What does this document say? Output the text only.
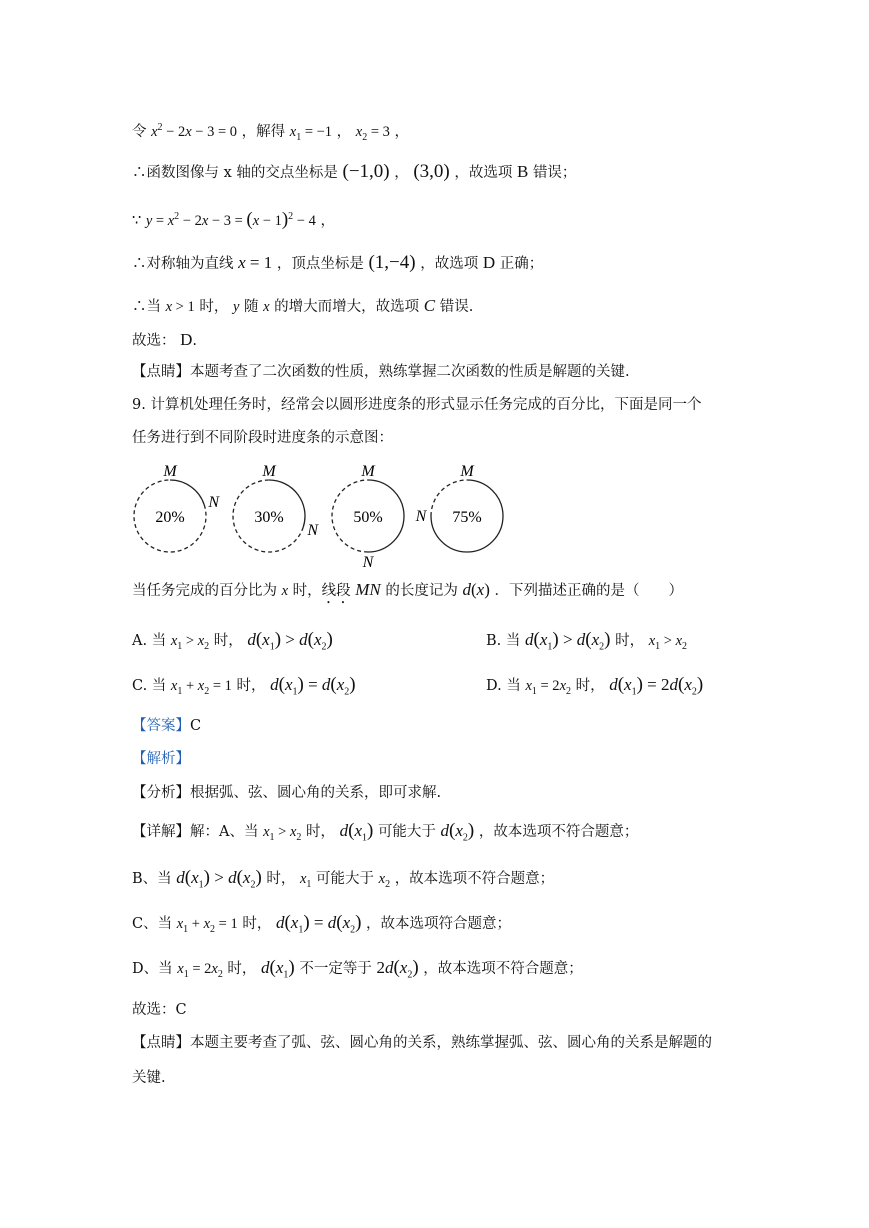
令 $x^2 - 2x - 3 = 0$ ，解得 $x_1 = -1$ ， $x_2 = 3$ ，
∴函数图像与 x 轴的交点坐标是 (−1,0) ， (3,0) ，故选项 B 错误；
∵ $y = x^2 - 2x - 3 = (x - 1)^2 - 4$ ，
∴对称轴为直线 x = 1 ，顶点坐标是 (1,−4) ，故选项 D 正确；
∴当 x > 1 时， y 随 x 的增大而增大，故选项 C 错误.
故选： D.
【点睛】本题考查了二次函数的性质，熟练掌握二次函数的性质是解题的关键.
9. 计算机处理任务时，经常会以圆形进度条的形式显示任务完成的百分比，下面是同一个
任务进行到不同阶段时进度条的示意图：
20%
M
N
30%
M
N
50%
M
N
75%
M
N
当任务完成的百分比为 x 时，线段 MN 的长度记为 d(x) ．下列描述正确的是（　　）
A. 当 $x_1 > x_2$ 时， $d(x_1) > d(x_2)$	B. 当 $d(x_1) > d(x_2)$ 时， $x_1 > x_2$
C. 当 $x_1 + x_2 = 1$ 时， $d(x_1) = d(x_2)$	D. 当 $x_1 = 2x_2$ 时， $d(x_1) = 2d(x_2)$
【答案】C
【解析】
【分析】根据弧、弦、圆心角的关系，即可求解.
【详解】解：A、当 $x_1 > x_2$ 时， $d(x_1)$ 可能大于 $d(x_2)$ ，故本选项不符合题意；
B、当 $d(x_1) > d(x_2)$ 时， $x_1$ 可能大于 $x_2$ ，故本选项不符合题意；
C、当 $x_1 + x_2 = 1$ 时， $d(x_1) = d(x_2)$ ，故本选项符合题意；
D、当 $x_1 = 2x_2$ 时， $d(x_1)$ 不一定等于 $2d(x_2)$ ，故本选项不符合题意；
故选：C
【点睛】本题主要考查了弧、弦、圆心角的关系，熟练掌握弧、弦、圆心角的关系是解题的
关键.
